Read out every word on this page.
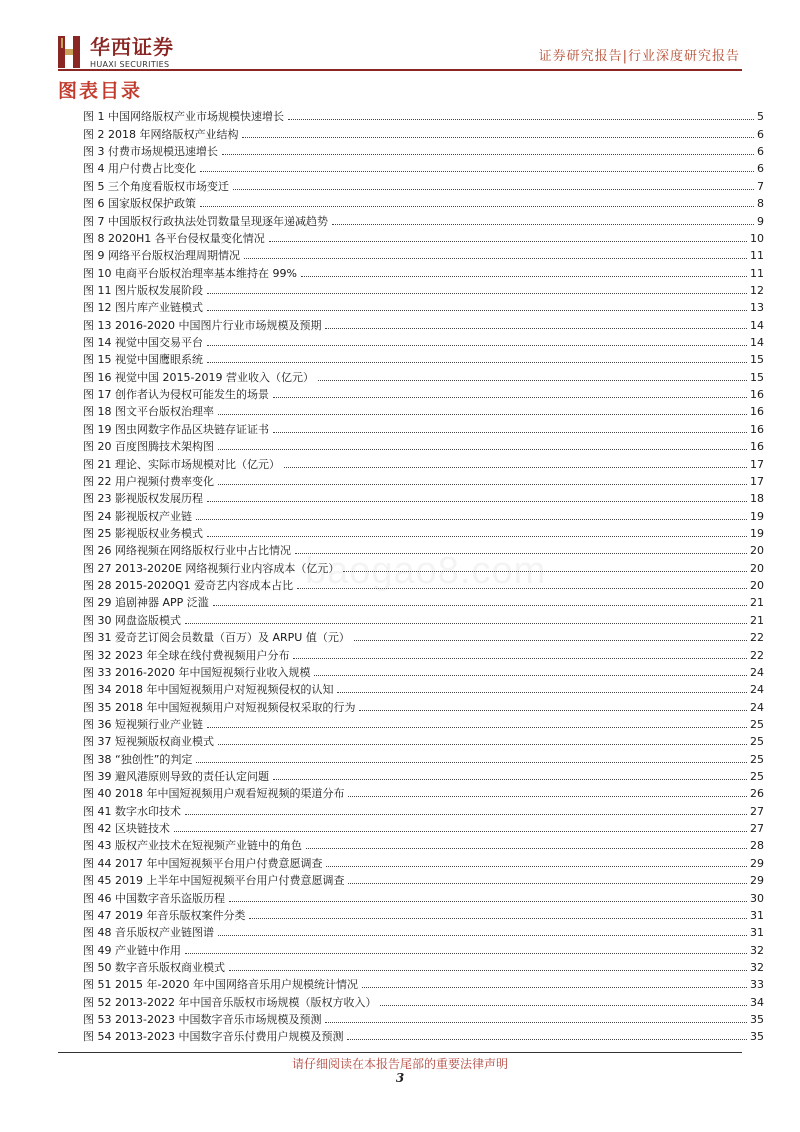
华西证券
HUAXI SECURITIES
证券研究报告|行业深度研究报告
图表目录
图 1 中国网络版权产业市场规模快速增长	5
图 2 2018 年网络版权产业结构	6
图 3 付费市场规模迅速增长	6
图 4 用户付费占比变化	6
图 5 三个角度看版权市场变迁	7
图 6 国家版权保护政策	8
图 7 中国版权行政执法处罚数量呈现逐年递减趋势	9
图 8 2020H1 各平台侵权量变化情况	10
图 9 网络平台版权治理周期情况	11
图 10 电商平台版权治理率基本维持在 99%	11
图 11 图片版权发展阶段	12
图 12 图片库产业链模式	13
图 13 2016-2020 中国图片行业市场规模及预期	14
图 14 视觉中国交易平台	14
图 15 视觉中国鹰眼系统	15
图 16 视觉中国 2015-2019 营业收入（亿元）	15
图 17 创作者认为侵权可能发生的场景	16
图 18 图文平台版权治理率	16
图 19 图虫网数字作品区块链存证证书	16
图 20 百度图腾技术架构图	16
图 21 理论、实际市场规模对比（亿元）	17
图 22 用户视频付费率变化	17
图 23 影视版权发展历程	18
图 24 影视版权产业链	19
图 25 影视版权业务模式	19
图 26 网络视频在网络版权行业中占比情况	20
图 27 2013-2020E 网络视频行业内容成本（亿元）	20
图 28 2015-2020Q1 爱奇艺内容成本占比	20
图 29 追剧神器 APP 泛滥	21
图 30 网盘盗版模式	21
图 31 爱奇艺订阅会员数量（百万）及 ARPU 值（元）	22
图 32 2023 年全球在线付费视频用户分布	22
图 33 2016-2020 年中国短视频行业收入规模	24
图 34 2018 年中国短视频用户对短视频侵权的认知	24
图 35 2018 年中国短视频用户对短视频侵权采取的行为	24
图 36 短视频行业产业链	25
图 37 短视频版权商业模式	25
图 38 “独创性”的判定	25
图 39 避风港原则导致的责任认定问题	25
图 40 2018 年中国短视频用户观看短视频的渠道分布	26
图 41 数字水印技术	27
图 42 区块链技术	27
图 43 版权产业技术在短视频产业链中的角色	28
图 44 2017 年中国短视频平台用户付费意愿调查	29
图 45 2019 上半年中国短视频平台用户付费意愿调查	29
图 46 中国数字音乐盗版历程	30
图 47 2019 年音乐版权案件分类	31
图 48 音乐版权产业链图谱	31
图 49 产业链中作用	32
图 50 数字音乐版权商业模式	32
图 51 2015 年-2020 年中国网络音乐用户规模统计情况	33
图 52 2013-2022 年中国音乐版权市场规模（版权方收入）	34
图 53 2013-2023 中国数字音乐市场规模及预测	35
图 54 2013-2023 中国数字音乐付费用户规模及预测	35
baogao8.com
请仔细阅读在本报告尾部的重要法律声明
3
